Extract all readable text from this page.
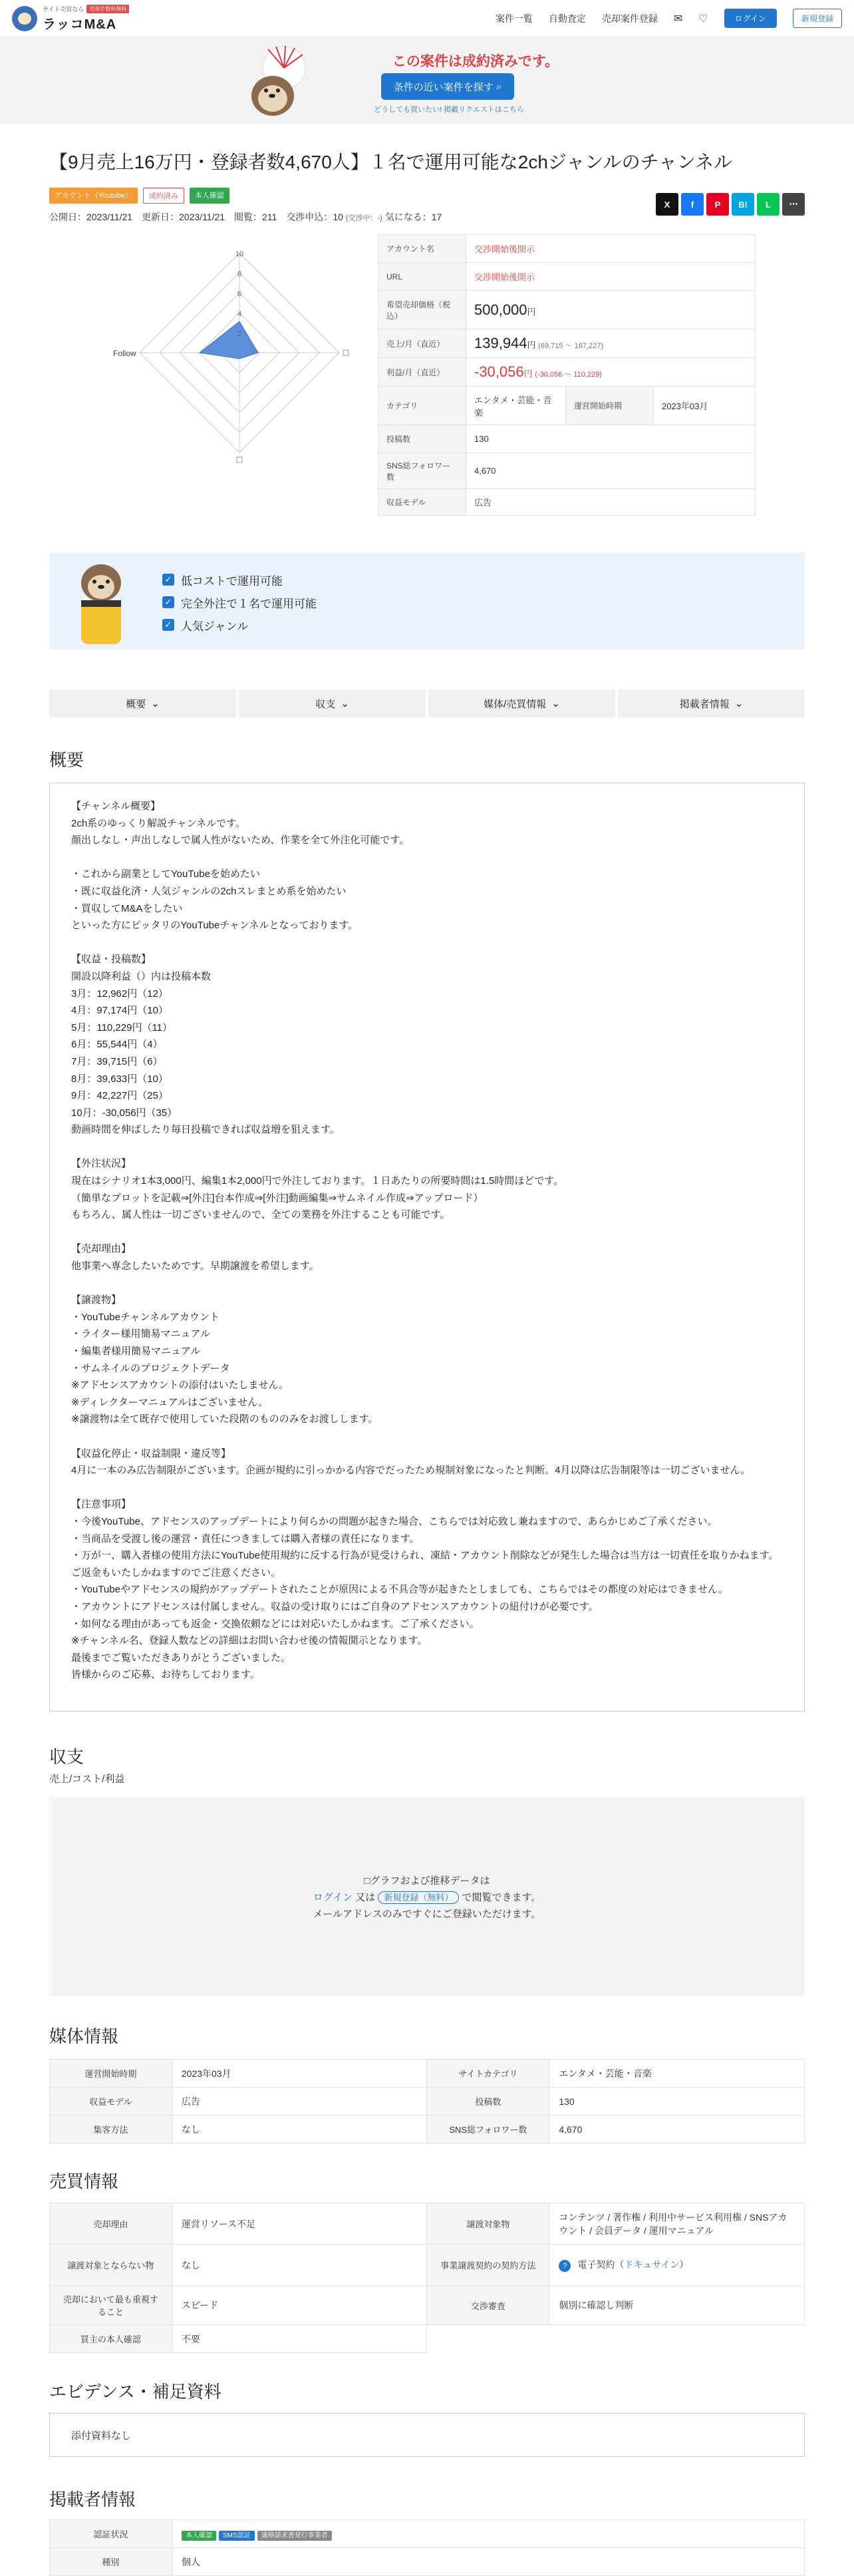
サイト売買なら	売却手数料無料
ラッコM&A	案件一覧 自動査定 売却案件登録 ✉ ♡	ログイン	新規登録
この案件は成約済みです。
条件の近い案件を探す
⌕
どうしても買いたい! 掲載リクエストはこちら
【9月売上16万円・登録者数4,670人】１名で運用可能な2chジャンルのチャンネル
アカウント（Youtube）	成約済み	本人確認
公開日：2023/11/21　更新日：2023/11/21　閲覧：211　交渉申込：10 (交渉中：-) 気になる：17
X	f	P	B!	L	⋯
10
8
6
4
2
Follow
アカウント名	交渉開始後開示		
URL	交渉開始後開示		
希望売却価格（税込）	500,000円		
売上/月（直近）	139,944円 (69,715 〜 167,227)		
利益/月（直近）	-30,056円 (-30,056 〜 110,229)		
カテゴリ	エンタメ・芸能・音楽	運営開始時期	2023年03月
投稿数	130		
SNS総フォロワー数	4,670		
収益モデル	広告		
✓ 低コストで運用可能
✓ 完全外注で１名で運用可能
✓ 人気ジャンル
概要 ⌄	収支 ⌄	媒体/売買情報 ⌄	掲載者情報 ⌄
概要
【チャンネル概要】
2ch系のゆっくり解説チャンネルです。
顔出しなし・声出しなしで属人性がないため、作業を全て外注化可能です。

・これから副業としてYouTubeを始めたい
・既に収益化済・人気ジャンルの2chスレまとめ系を始めたい
・買収してM&Aをしたい
といった方にピッタリのYouTubeチャンネルとなっております。

【収益・投稿数】
開設以降利益（）内は投稿本数
3月：12,962円（12）
4月：97,174円（10）
5月：110,229円（11）
6月：55,544円（4）
7月：39,715円（6）
8月：39,633円（10）
9月：42,227円（25）
10月：-30,056円（35）
動画時間を伸ばしたり毎日投稿できれば収益増を狙えます。

【外注状況】
現在はシナリオ1本3,000円、編集1本2,000円で外注しております。１日あたりの所要時間は1.5時間ほどです。
（簡単なプロットを記載⇒[外注]台本作成⇒[外注]動画編集⇒サムネイル作成⇒アップロード）
もちろん、属人性は一切ございませんので、全ての業務を外注することも可能です。

【売却理由】
他事業へ専念したいためです。早期譲渡を希望します。

【譲渡物】
・YouTubeチャンネルアカウント
・ライター様用簡易マニュアル
・編集者様用簡易マニュアル
・サムネイルのプロジェクトデータ
※アドセンスアカウントの添付はいたしません。
※ディレクターマニュアルはございません。
※譲渡物は全て既存で使用していた段階のもののみをお渡しします。

【収益化停止・収益制限・違反等】
4月に一本のみ広告制限がございます。企画が規約に引っかかる内容でだったため規制対象になったと判断。4月以降は広告制限等は一切ございません。

【注意事項】
・今後YouTube、アドセンスのアップデートにより何らかの問題が起きた場合、こちらでは対応致し兼ねますので、あらかじめご了承ください。
・当商品を受渡し後の運営・責任につきましては購入者様の責任になります。
・万が一、購入者様の使用方法にYouTube使用規約に反する行為が見受けられ、凍結・アカウント削除などが発生した場合は当方は一切責任を取りかねます。ご返金もいたしかねますのでご注意ください。
・YouTubeやアドセンスの規約がアップデートされたことが原因による不具合等が起きたとしましても、こちらではその都度の対応はできません。
・アカウントにアドセンスは付属しません。収益の受け取りにはご自身のアドセンスアカウントの紐付けが必要です。
・如何なる理由があっても返金・交換依頼などには対応いたしかねます。ご了承ください。
※チャンネル名、登録人数などの詳細はお問い合わせ後の情報開示となります。
最後までご覧いただきありがとうございました。
皆様からのご応募、お待ちしております。
収支
売上/コスト/利益
□グラフおよび推移データは
ログイン 又は 新規登録（無料） で閲覧できます。
メールアドレスのみですぐにご登録いただけます。
媒体情報
運営開始時期	2023年03月	サイトカテゴリ	エンタメ・芸能・音楽
収益モデル	広告	投稿数	130
集客方法	なし	SNS総フォロワー数	4,670
売買情報
売却理由	運営リソース不足	譲渡対象物	コンテンツ / 著作権 / 利用中サービス利用権 / SNSアカウント / 会員データ / 運用マニュアル
譲渡対象とならない物	なし	事業譲渡契約の契約方法	? 電子契約（ドキュサイン）
売却において最も重視すること	スピード	交渉審査	個別に確認し判断
買主の本人確認	不要		
エビデンス・補足資料
添付資料なし
掲載者情報
認証状況	本人確認 SMS認証 適格請求書発行事業者
種別	個人
